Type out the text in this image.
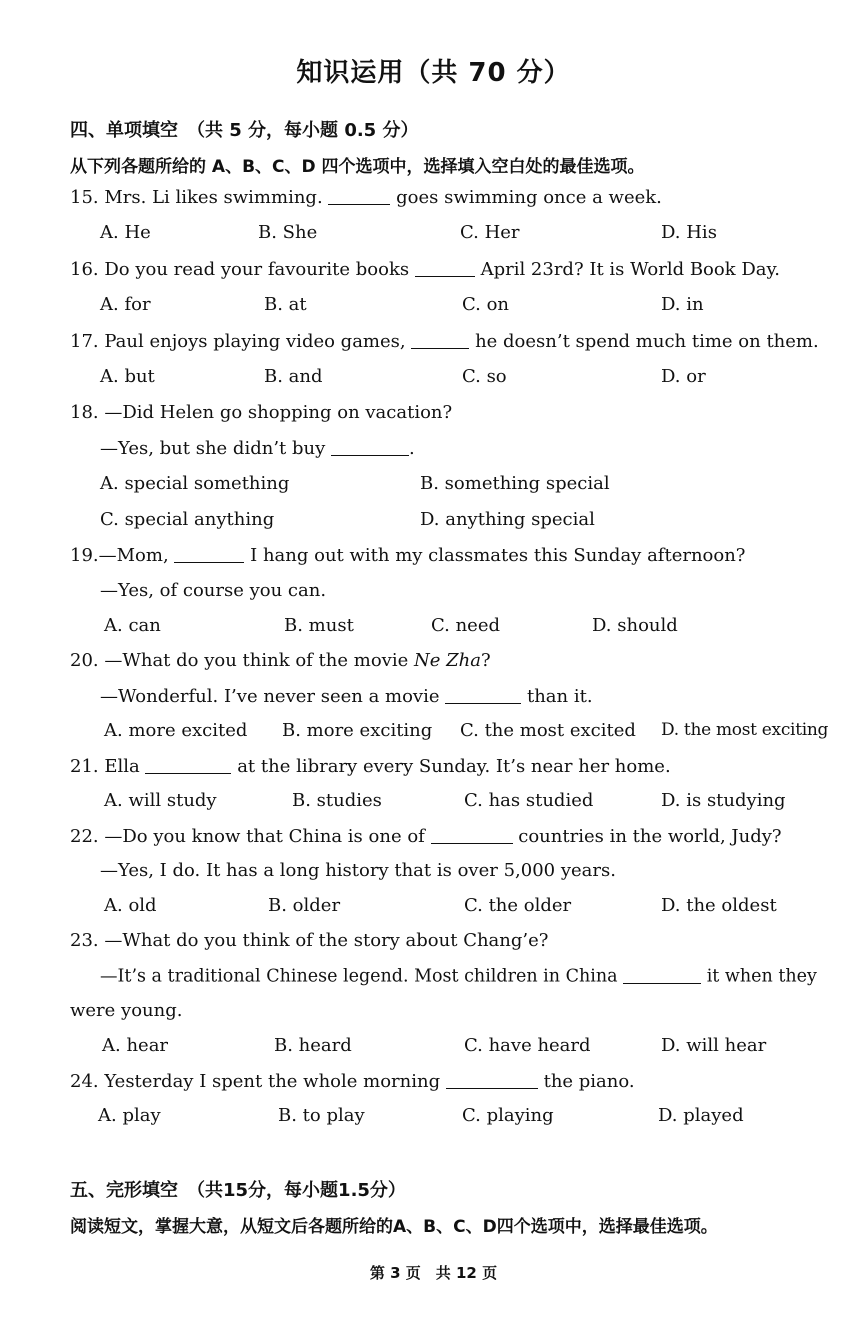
知识运用（共 70 分）
四、单项填空　（共 5 分，每小题 0.5 分）
从下列各题所给的 A、B、C、D 四个选项中，选择填入空白处的最佳选项。
15. Mrs. Li likes swimming.	goes swimming once a week.
A. He	B. She	C. Her	D. His
16. Do you read your favourite books	April 23rd? It is World Book Day.
A. for	B. at	C. on	D. in
17. Paul enjoys playing video games,	he doesn’t spend much time on them.
A. but	B. and	C. so	D. or
18. —Did Helen go shopping on vacation?
—Yes, but she didn’t buy	.
A. special something	B. something special
C. special anything	D. anything special
19.—Mom,	I hang out with my classmates this Sunday afternoon?
—Yes, of course you can.
A. can	B. must	C. need	D. should
20. —What do you think of the movie Ne Zha?
—Wonderful. I’ve never seen a movie	than it.
A. more excited B. more exciting C. the most excited D. the most exciting
21. Ella	at the library every Sunday. It’s near her home.
A. will study	B. studies	C. has studied	D. is studying
22. —Do you know that China is one of	countries in the world, Judy?
—Yes, I do. It has a long history that is over 5,000 years.
A. old	B. older	C. the older	D. the oldest
23. —What do you think of the story about Chang’e?
—It’s a traditional Chinese legend. Most children in China	it when they
were young.
A. hear	B. heard	C. have heard	D. will hear
24. Yesterday I spent the whole morning	the piano.
A. play	B. to play	C. playing	D. played
五、完形填空　（共15分，每小题1.5分）
阅读短文，掌握大意，从短文后各题所给的A、B、C、D四个选项中，选择最佳选项。
第 3 页　共 12 页
